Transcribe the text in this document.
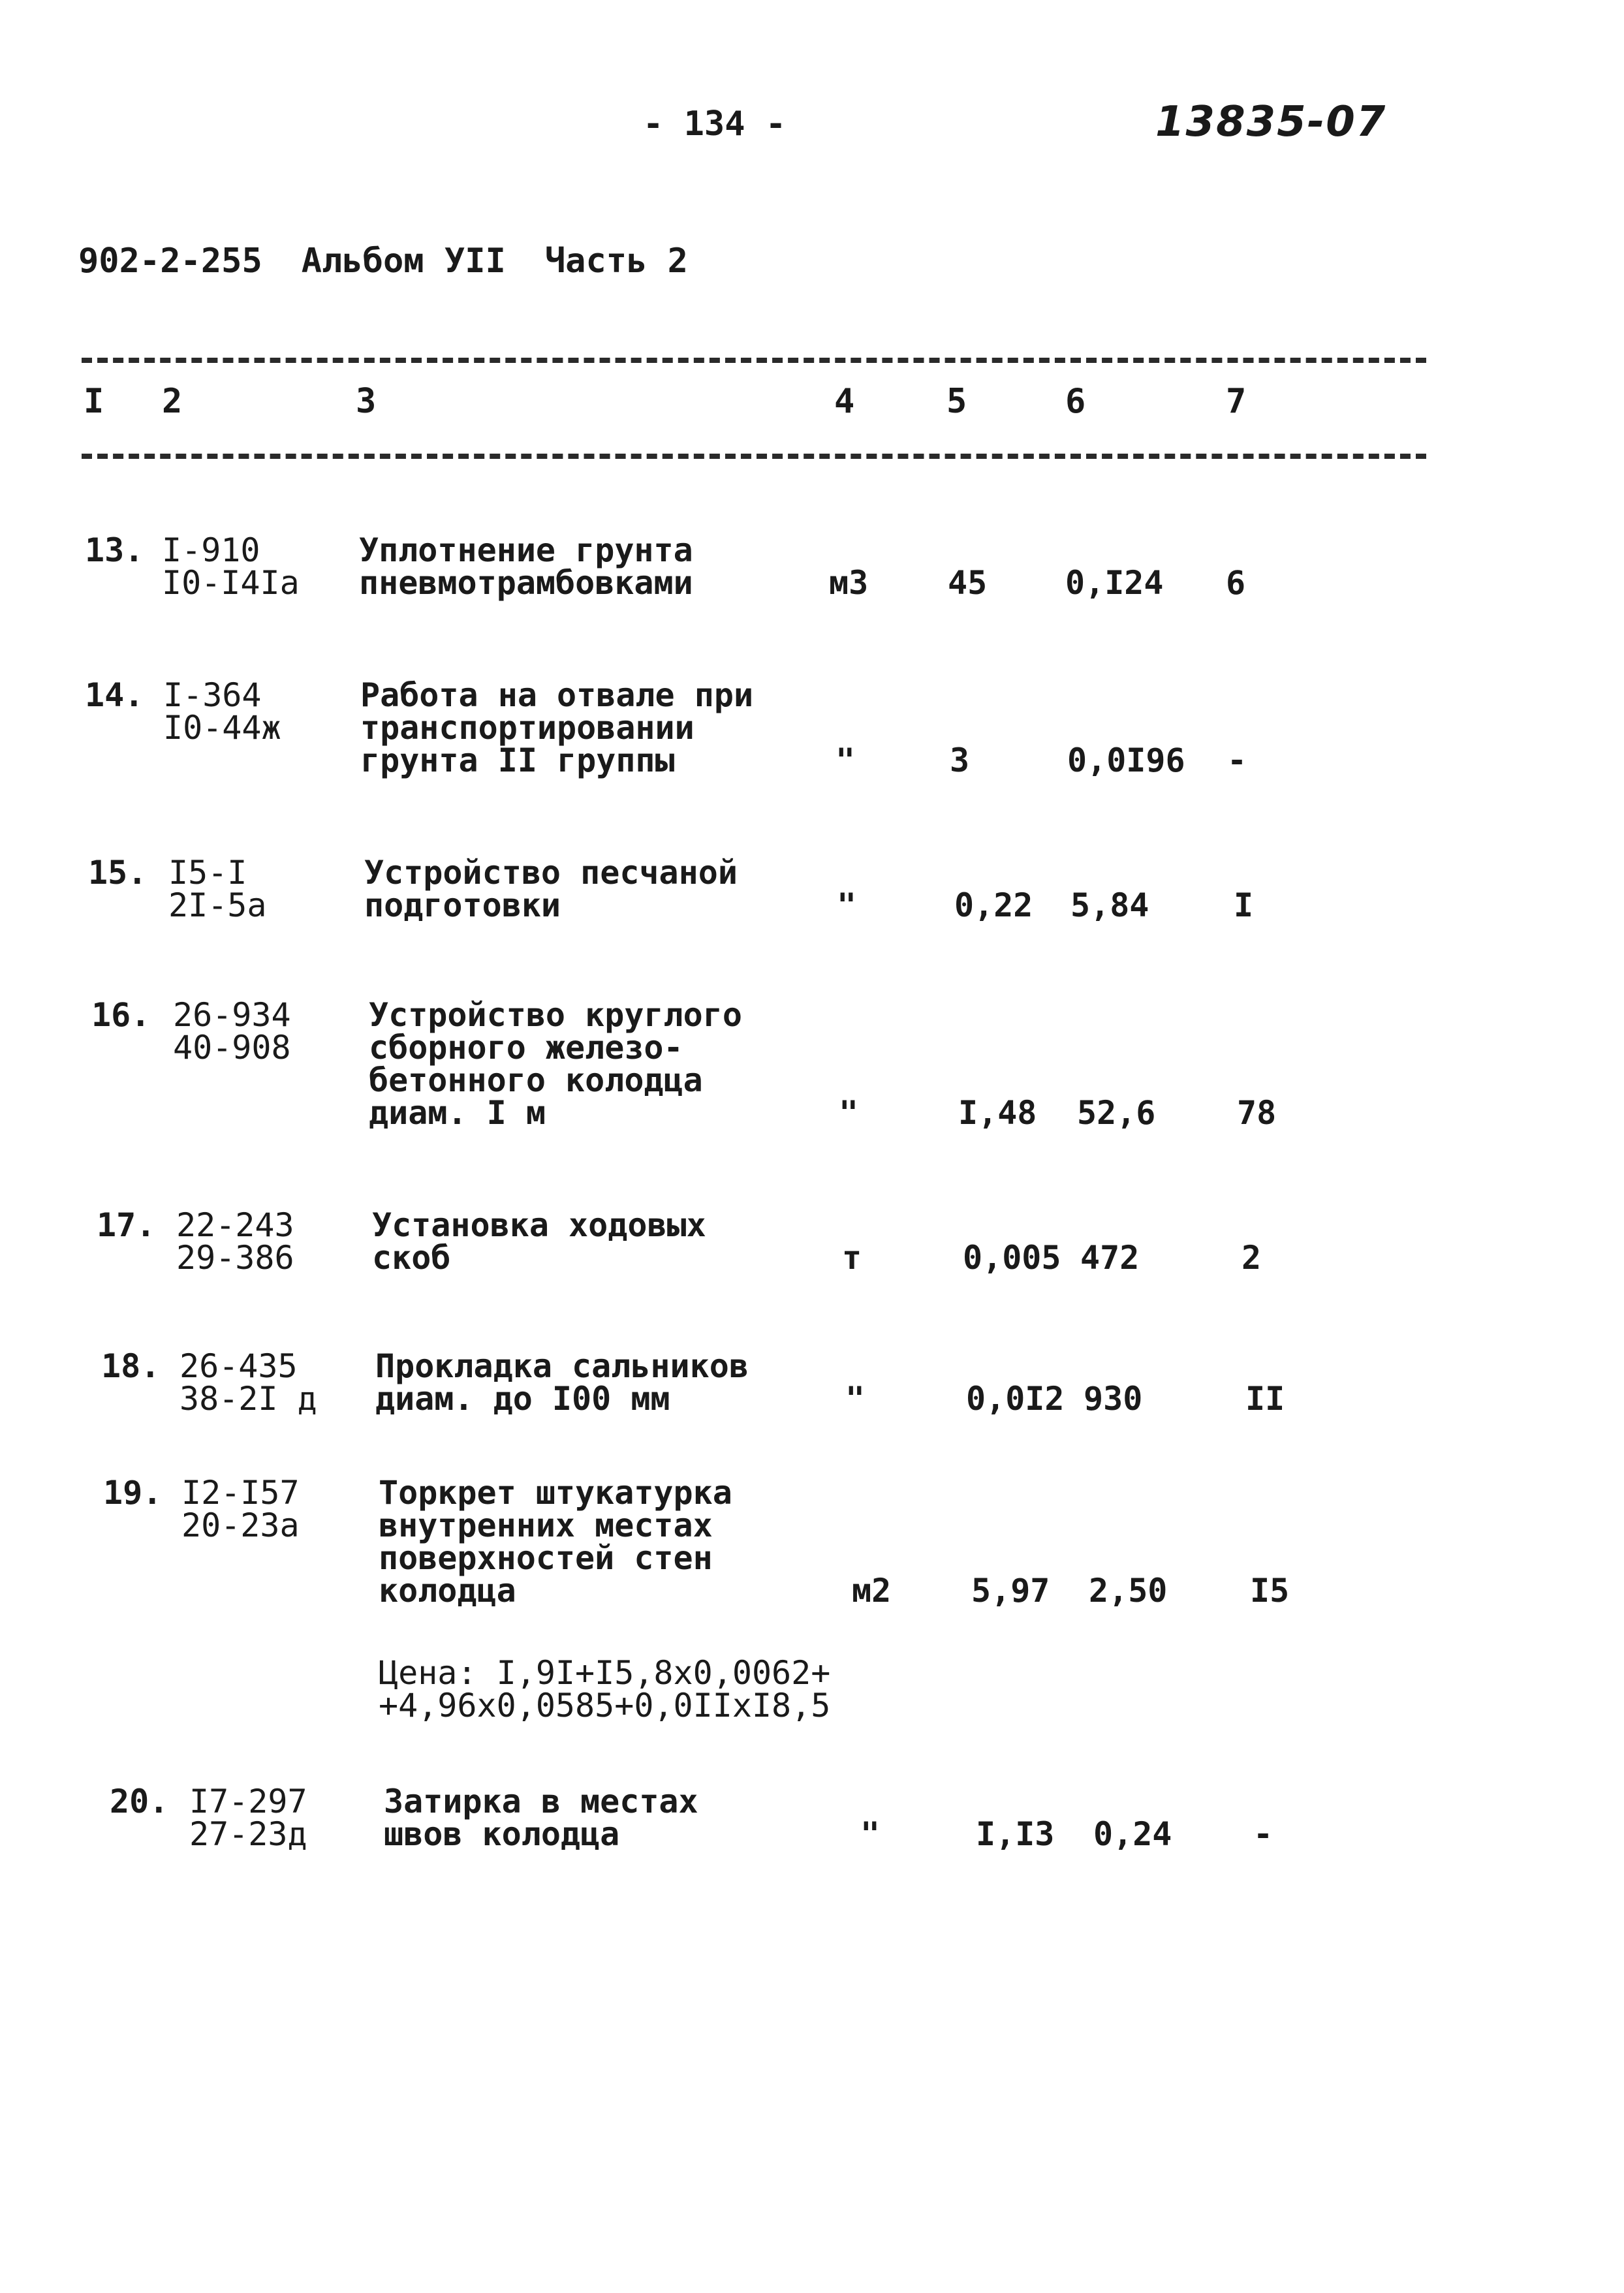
- 134 -	13835-07
902-2-255 Альбом УII Часть 2
I 2	3	4	5	6	7
13. I-910
I0-I4Ia
Уплотнение грунта
пневмотрамбовками	м3 45 0,I24 6
14. I-364
I0-44ж
Работа на отвале при
транспортировании
грунта II группы	"	3	0,0I96 -
15. I5-I
2I-5a
Устройство песчаной
подготовки	"	0,22 5,84	I
16. 26-934
40-908
Устройство круглого
сборного железо-
бетонного колодца
диам. I м	"	I,48 52,6 78
17. 22-243
29-386
Установка ходовых
скоб	т	0,005 472	2
18. 26-435
38-2I д
Прокладка сальников
диам. до I00 мм	"	0,0I2 930	II
19. I2-I57
20-23a
Торкрет штукатурка
внутренних местах
поверхностей стен
колодца	м2 5,97 2,50	I5
Цена: I,9I+I5,8x0,0062+
+4,96x0,0585+0,0IIxI8,5
20. I7-297
27-23д
Затирка в местах
швов колодца	"	I,I3 0,24 -
